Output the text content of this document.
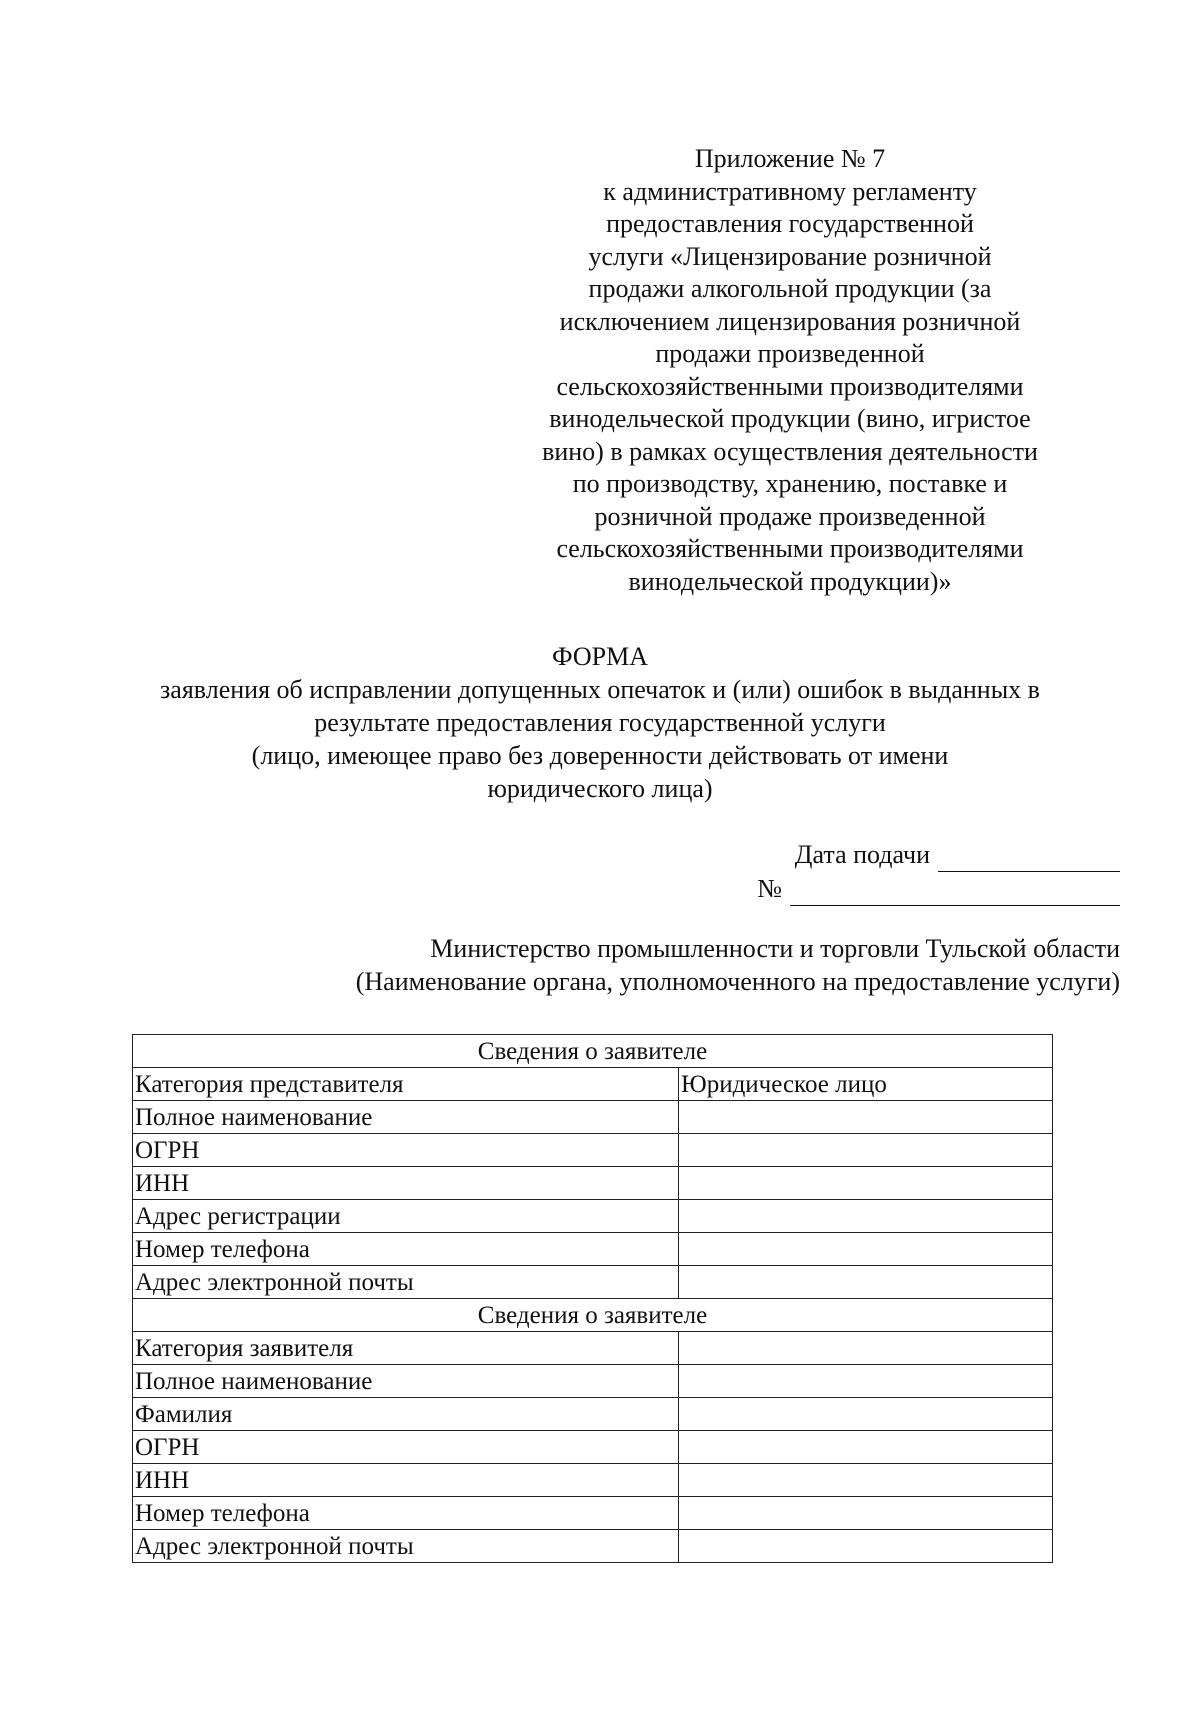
Приложение № 7
к административному регламенту
предоставления государственной
услуги «Лицензирование розничной
продажи алкогольной продукции (за
исключением лицензирования розничной
продажи произведенной
сельскохозяйственными производителями
винодельческой продукции (вино, игристое
вино) в рамках осуществления деятельности
по производству, хранению, поставке и
розничной продаже произведенной
сельскохозяйственными производителями
винодельческой продукции)»
ФОРМА
заявления об исправлении допущенных опечаток и (или) ошибок в выданных в
результате предоставления государственной услуги
(лицо, имеющее право без доверенности действовать от имени
юридического лица)
Дата подачи
№
Министерство промышленности и торговли Тульской области
(Наименование органа, уполномоченного на предоставление услуги)
Сведения о заявителе	
Категория представителя	Юридическое лицо
Полное наименование	
ОГРН	
ИНН	
Адрес регистрации	
Номер телефона	
Адрес электронной почты	
Сведения о заявителе	
Категория заявителя	
Полное наименование	
Фамилия	
ОГРН	
ИНН	
Номер телефона	
Адрес электронной почты	
